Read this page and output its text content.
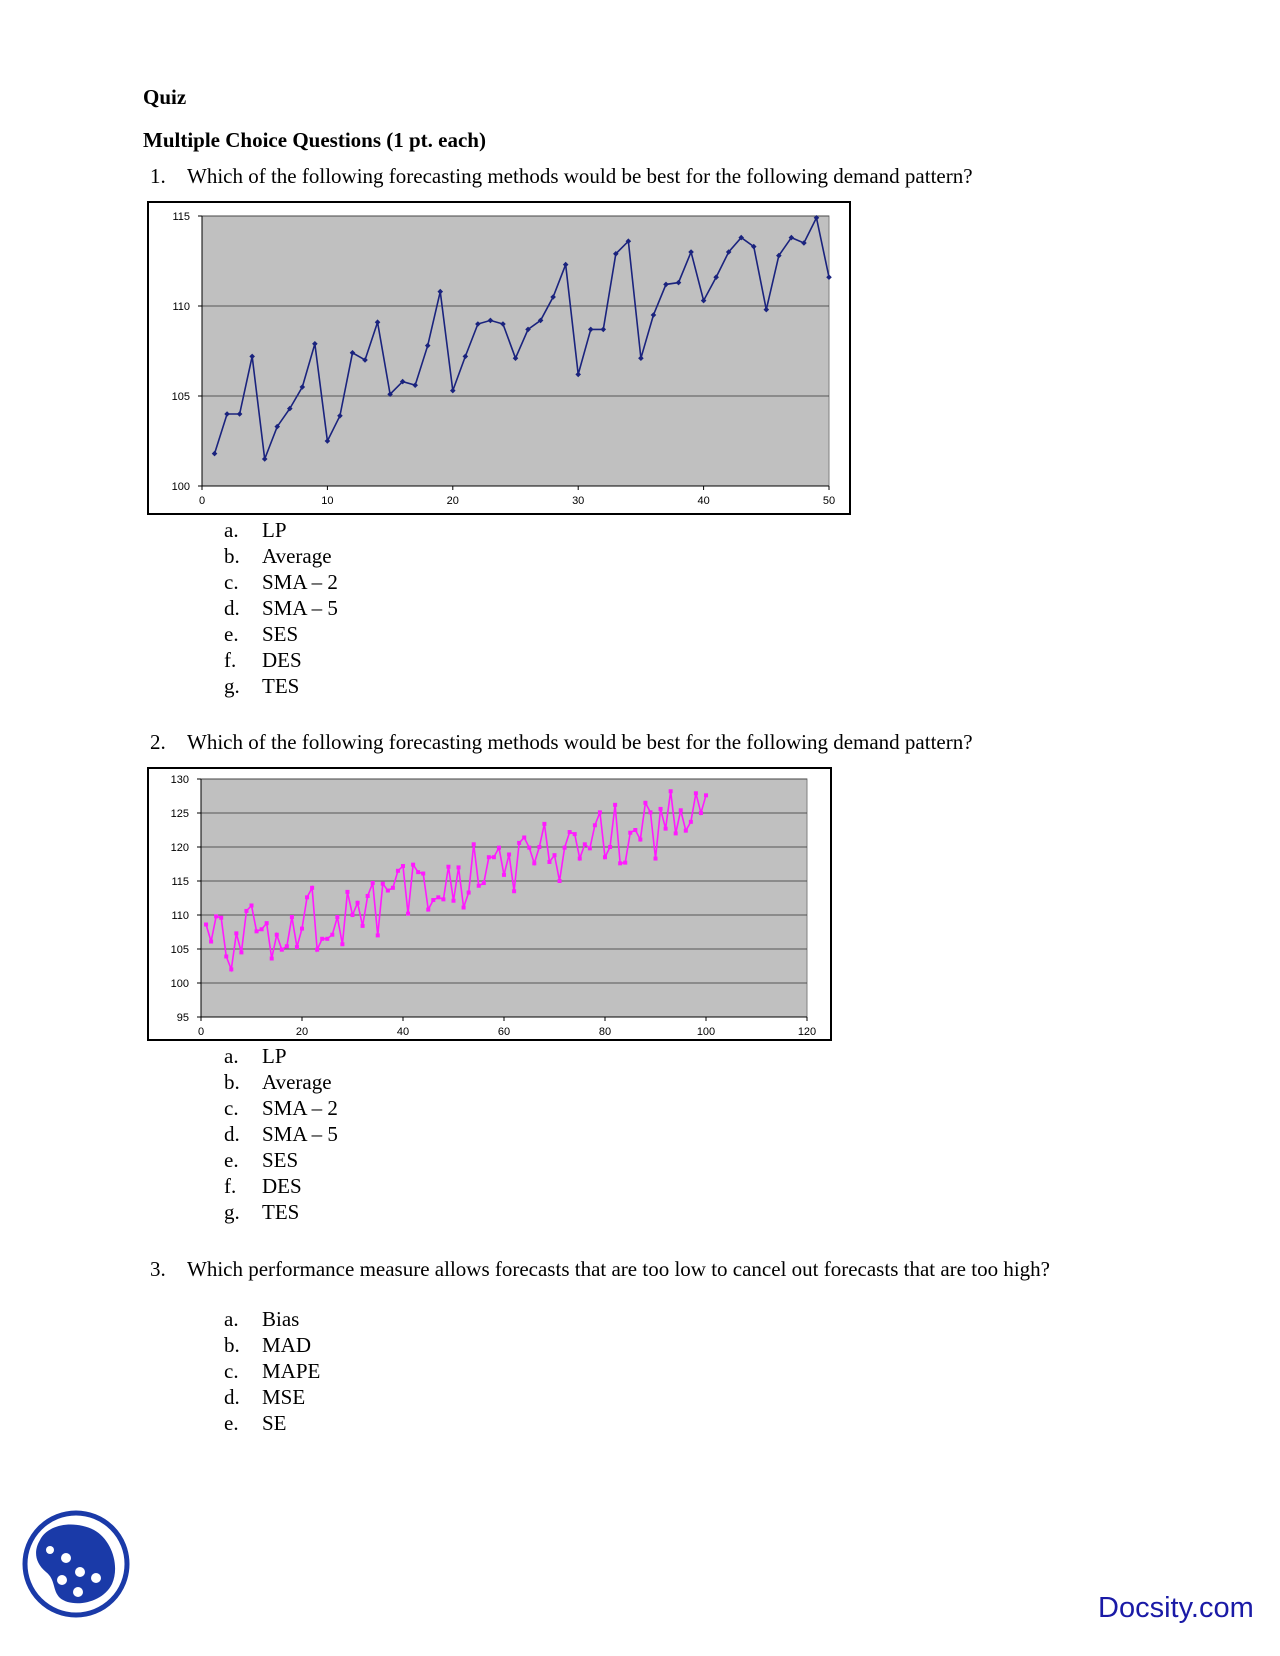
Quiz
Multiple Choice Questions (1 pt. each)
1. Which of the following forecasting methods would be best for the following demand pattern?
100
105
110
115
0	10	20	30	40	50
a. LP
b. Average
c. SMA – 2
d. SMA – 5
e. SES
f. DES
g. TES
2. Which of the following forecasting methods would be best for the following demand pattern?
95
100
105
110
115
120
125
130
0	20	40	60	80	100	120
a. LP
b. Average
c. SMA – 2
d. SMA – 5
e. SES
f. DES
g. TES
3. Which performance measure allows forecasts that are too low to cancel out forecasts that are too high?
a. Bias
b. MAD
c. MAPE
d. MSE
e. SE
Docsity.com
